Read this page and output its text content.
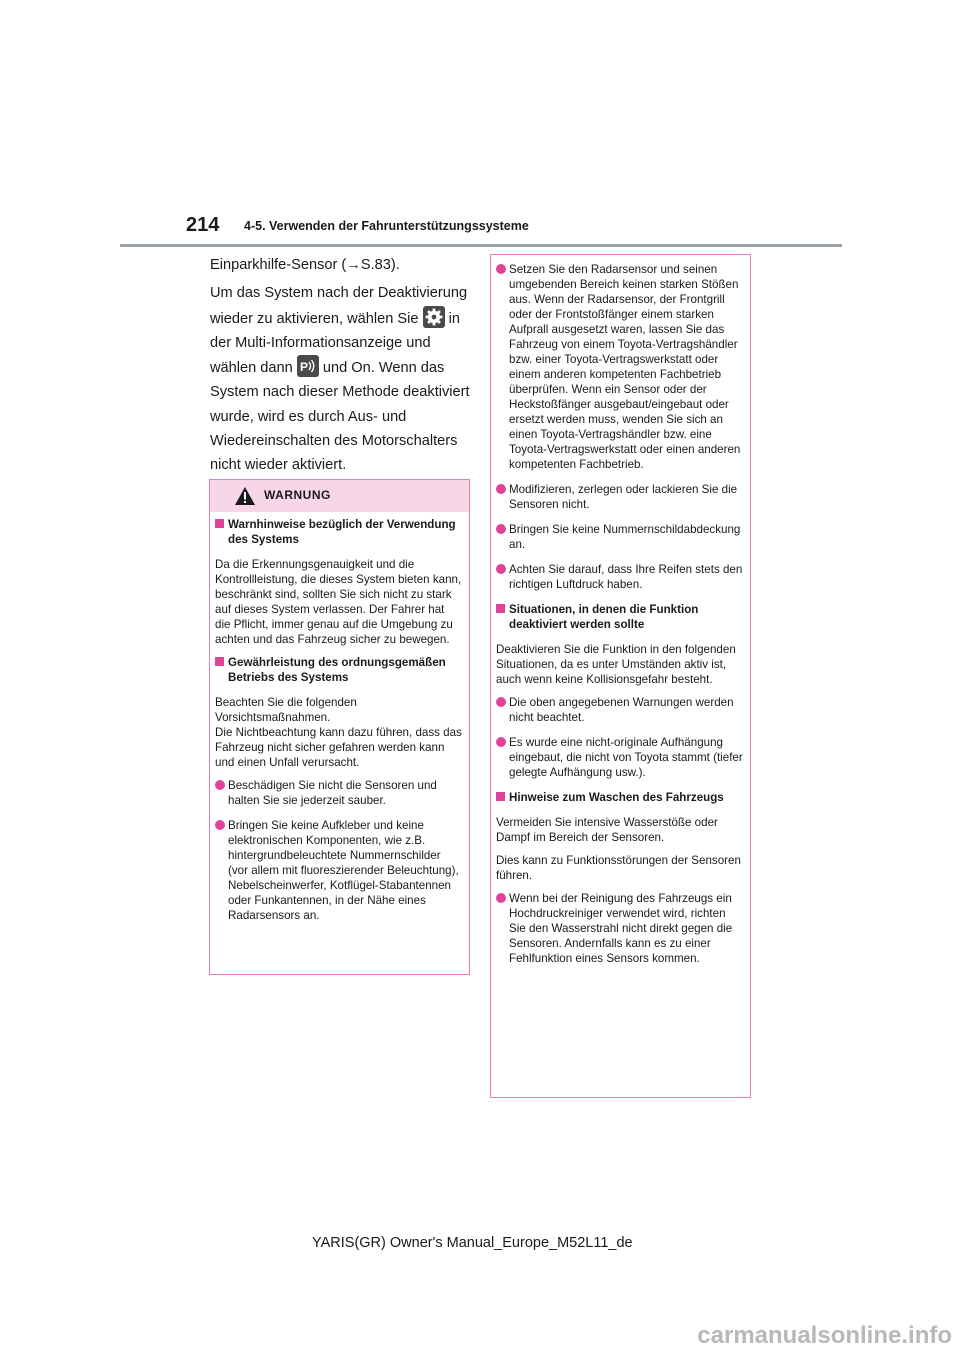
214 4-5. Verwenden der Fahrunterstützungssysteme

Einparkhilfe-Sensor (→S.83).

Um das System nach der Deaktivierung wieder zu aktivieren, wählen Sie in der Multi-Informationsanzeige und wählen dann P und On. Wenn das System nach dieser Methode deaktiviert wurde, wird es durch Aus- und Wiedereinschalten des Motorschalters nicht wieder aktiviert.

WARNUNG

Warnhinweise bezüglich der Verwendung des Systems

Da die Erkennungsgenauigkeit und die Kontrollleistung, die dieses System bieten kann, beschränkt sind, sollten Sie sich nicht zu stark auf dieses System verlassen. Der Fahrer hat die Pflicht, immer genau auf die Umgebung zu achten und das Fahrzeug sicher zu bewegen.

Gewährleistung des ordnungsgemäßen Betriebs des Systems

Beachten Sie die folgenden Vorsichtsmaßnahmen.

Die Nichtbeachtung kann dazu führen, dass das Fahrzeug nicht sicher gefahren werden kann und einen Unfall verursacht.

Beschädigen Sie nicht die Sensoren und halten Sie sie jederzeit sauber.

Bringen Sie keine Aufkleber und keine elektronischen Komponenten, wie z.B. hintergrundbeleuchtete Nummernschilder (vor allem mit fluoreszierender Beleuchtung), Nebelscheinwerfer, Kotflügel-Stabantennen oder Funkantennen, in der Nähe eines Radarsensors an.

Setzen Sie den Radarsensor und seinen umgebenden Bereich keinen starken Stößen aus. Wenn der Radarsensor, der Frontgrill oder der Frontstoßfänger einem starken Aufprall ausgesetzt waren, lassen Sie das Fahrzeug von einem Toyota-Vertragshändler bzw. einer Toyota-Vertragswerkstatt oder einem anderen kompetenten Fachbetrieb überprüfen. Wenn ein Sensor oder der Heckstoßfänger ausgebaut/eingebaut oder ersetzt werden muss, wenden Sie sich an einen Toyota-Vertragshändler bzw. eine Toyota-Vertragswerkstatt oder einen anderen kompetenten Fachbetrieb.

Modifizieren, zerlegen oder lackieren Sie die Sensoren nicht.

Bringen Sie keine Nummernschildabdeckung an.

Achten Sie darauf, dass Ihre Reifen stets den richtigen Luftdruck haben.

Situationen, in denen die Funktion deaktiviert werden sollte

Deaktivieren Sie die Funktion in den folgenden Situationen, da es unter Umständen aktiv ist, auch wenn keine Kollisionsgefahr besteht.

Die oben angegebenen Warnungen werden nicht beachtet.

Es wurde eine nicht-originale Aufhängung eingebaut, die nicht von Toyota stammt (tiefer gelegte Aufhängung usw.).

Hinweise zum Waschen des Fahrzeugs

Vermeiden Sie intensive Wasserstöße oder Dampf im Bereich der Sensoren.

Dies kann zu Funktionsstörungen der Sensoren führen.

Wenn bei der Reinigung des Fahrzeugs ein Hochdruckreiniger verwendet wird, richten Sie den Wasserstrahl nicht direkt gegen die Sensoren. Andernfalls kann es zu einer Fehlfunktion eines Sensors kommen.

YARIS(GR) Owner's Manual_Europe_M52L11_de
carmanualsonline.info
